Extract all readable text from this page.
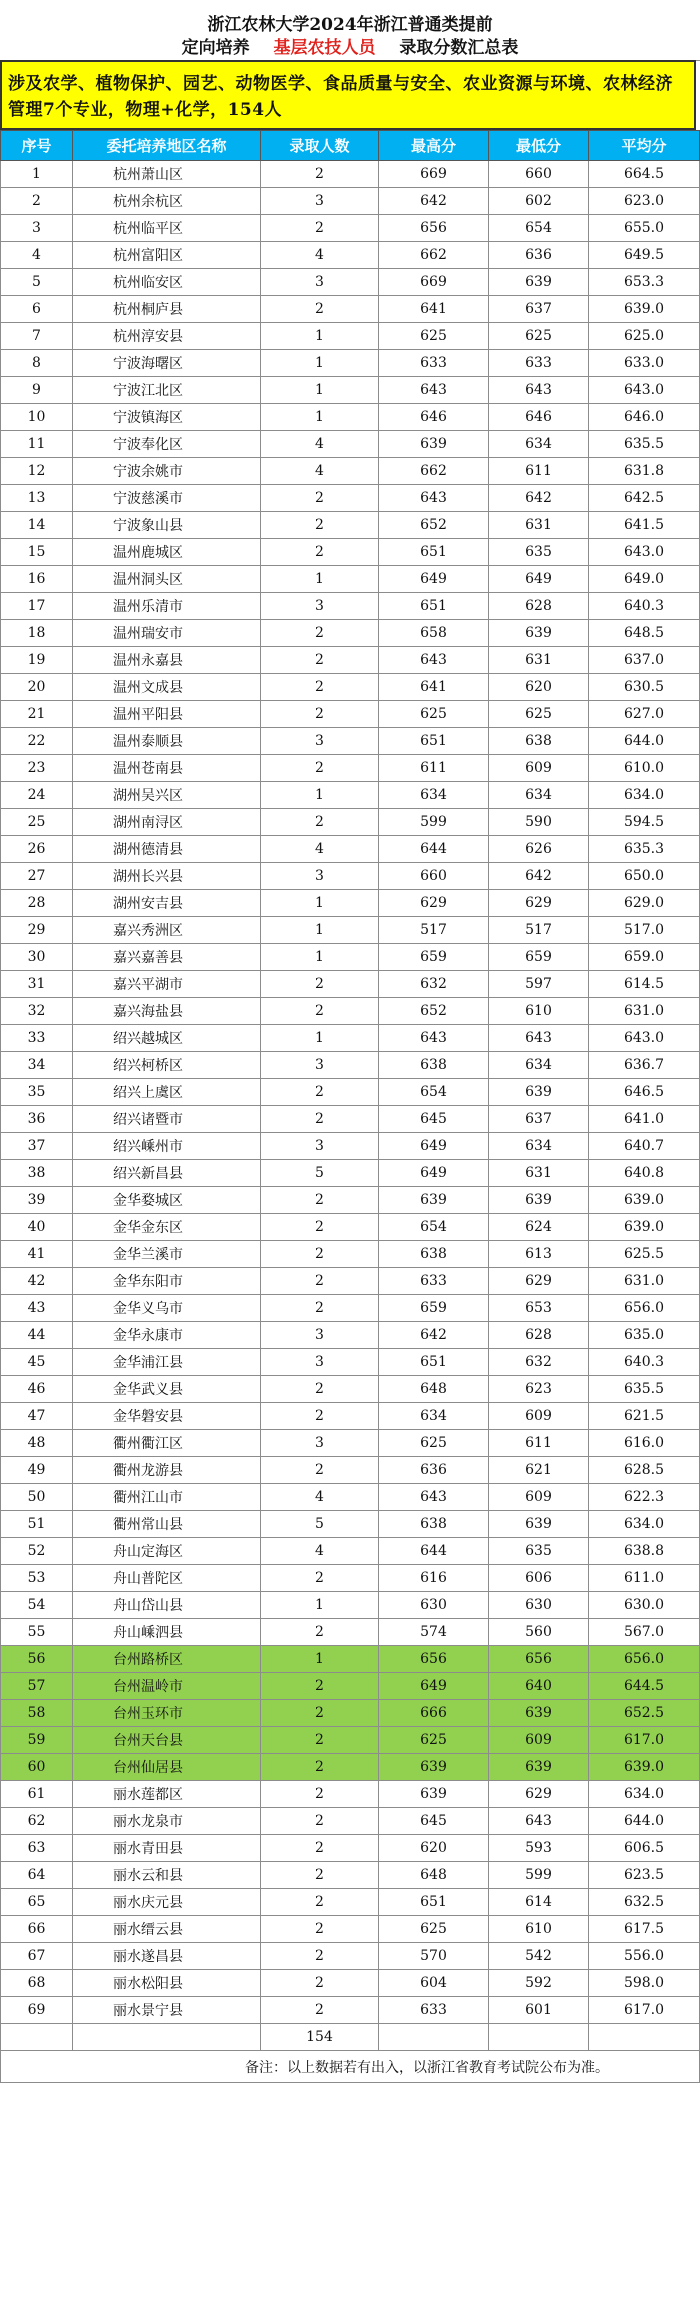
浙江农林大学2024年浙江普通类提前
定向培养 基层农技人员 录取分数汇总表
涉及农学、植物保护、园艺、动物医学、食品质量与安全、农业资源与环境、农林经济管理7个专业，物理+化学，154人
序号	委托培养地区名称	录取人数	最高分	最低分	平均分
1	杭州萧山区	2	669	660	664.5
2	杭州余杭区	3	642	602	623.0
3	杭州临平区	2	656	654	655.0
4	杭州富阳区	4	662	636	649.5
5	杭州临安区	3	669	639	653.3
6	杭州桐庐县	2	641	637	639.0
7	杭州淳安县	1	625	625	625.0
8	宁波海曙区	1	633	633	633.0
9	宁波江北区	1	643	643	643.0
10	宁波镇海区	1	646	646	646.0
11	宁波奉化区	4	639	634	635.5
12	宁波余姚市	4	662	611	631.8
13	宁波慈溪市	2	643	642	642.5
14	宁波象山县	2	652	631	641.5
15	温州鹿城区	2	651	635	643.0
16	温州洞头区	1	649	649	649.0
17	温州乐清市	3	651	628	640.3
18	温州瑞安市	2	658	639	648.5
19	温州永嘉县	2	643	631	637.0
20	温州文成县	2	641	620	630.5
21	温州平阳县	2	625	625	627.0
22	温州泰顺县	3	651	638	644.0
23	温州苍南县	2	611	609	610.0
24	湖州吴兴区	1	634	634	634.0
25	湖州南浔区	2	599	590	594.5
26	湖州德清县	4	644	626	635.3
27	湖州长兴县	3	660	642	650.0
28	湖州安吉县	1	629	629	629.0
29	嘉兴秀洲区	1	517	517	517.0
30	嘉兴嘉善县	1	659	659	659.0
31	嘉兴平湖市	2	632	597	614.5
32	嘉兴海盐县	2	652	610	631.0
33	绍兴越城区	1	643	643	643.0
34	绍兴柯桥区	3	638	634	636.7
35	绍兴上虞区	2	654	639	646.5
36	绍兴诸暨市	2	645	637	641.0
37	绍兴嵊州市	3	649	634	640.7
38	绍兴新昌县	5	649	631	640.8
39	金华婺城区	2	639	639	639.0
40	金华金东区	2	654	624	639.0
41	金华兰溪市	2	638	613	625.5
42	金华东阳市	2	633	629	631.0
43	金华义乌市	2	659	653	656.0
44	金华永康市	3	642	628	635.0
45	金华浦江县	3	651	632	640.3
46	金华武义县	2	648	623	635.5
47	金华磐安县	2	634	609	621.5
48	衢州衢江区	3	625	611	616.0
49	衢州龙游县	2	636	621	628.5
50	衢州江山市	4	643	609	622.3
51	衢州常山县	5	638	639	634.0
52	舟山定海区	4	644	635	638.8
53	舟山普陀区	2	616	606	611.0
54	舟山岱山县	1	630	630	630.0
55	舟山嵊泗县	2	574	560	567.0
56	台州路桥区	1	656	656	656.0
57	台州温岭市	2	649	640	644.5
58	台州玉环市	2	666	639	652.5
59	台州天台县	2	625	609	617.0
60	台州仙居县	2	639	639	639.0
61	丽水莲都区	2	639	629	634.0
62	丽水龙泉市	2	645	643	644.0
63	丽水青田县	2	620	593	606.5
64	丽水云和县	2	648	599	623.5
65	丽水庆元县	2	651	614	632.5
66	丽水缙云县	2	625	610	617.5
67	丽水遂昌县	2	570	542	556.0
68	丽水松阳县	2	604	592	598.0
69	丽水景宁县	2	633	601	617.0
		154			
备注：以上数据若有出入，以浙江省教育考试院公布为准。					
